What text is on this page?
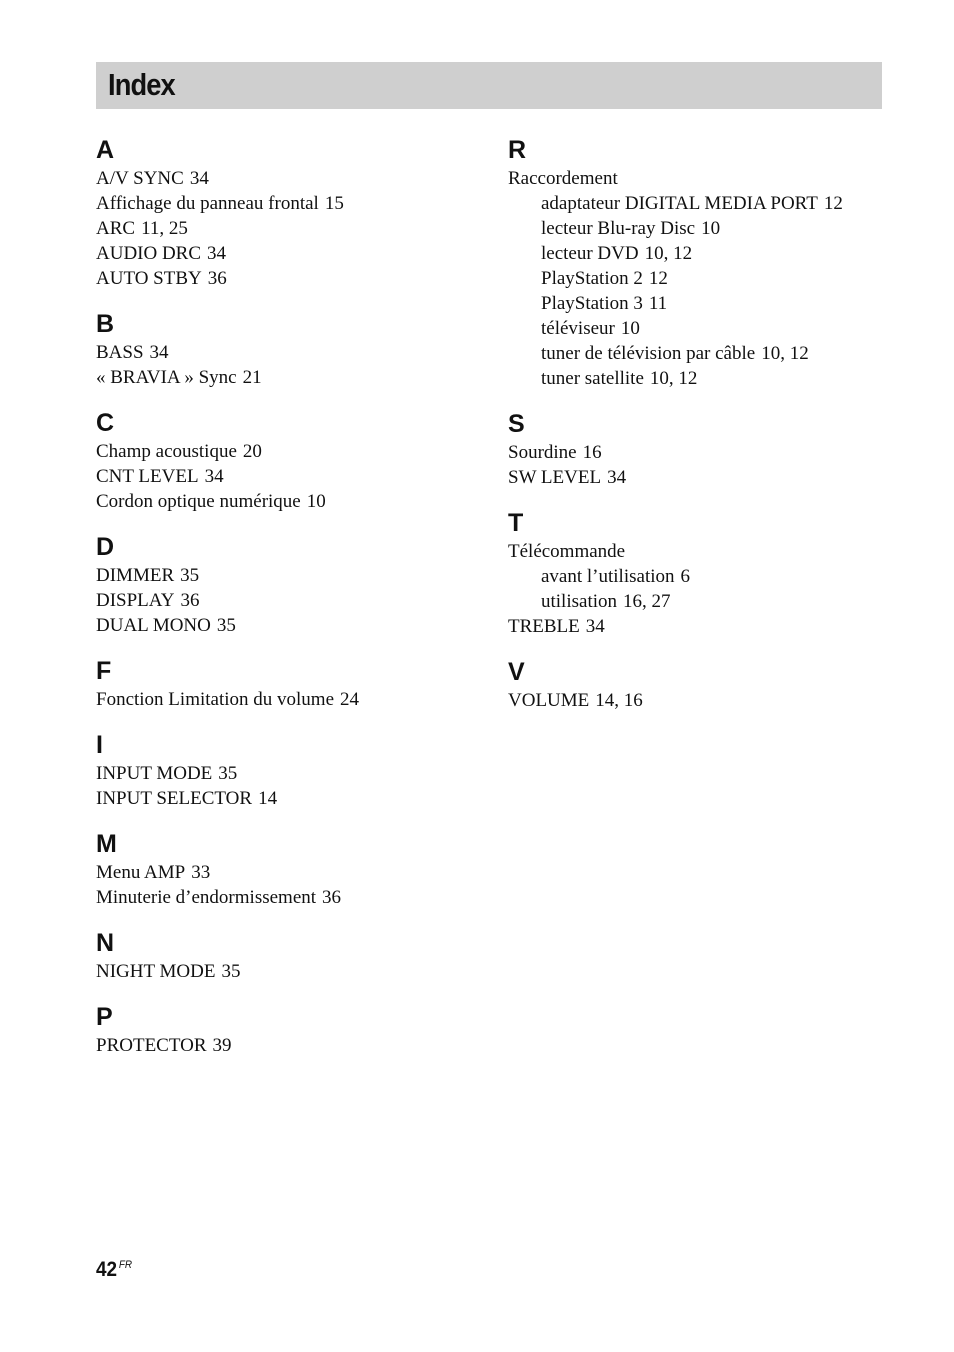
Index
A
A/V SYNC 34
Affichage du panneau frontal 15
ARC 11, 25
AUDIO DRC 34
AUTO STBY 36
B
BASS 34
« BRAVIA » Sync 21
C
Champ acoustique 20
CNT LEVEL 34
Cordon optique numérique 10
D
DIMMER 35
DISPLAY 36
DUAL MONO 35
F
Fonction Limitation du volume 24
I
INPUT MODE 35
INPUT SELECTOR 14
M
Menu AMP 33
Minuterie d’endormissement 36
N
NIGHT MODE 35
P
PROTECTOR 39
R
Raccordement
adaptateur DIGITAL MEDIA PORT 12
lecteur Blu-ray Disc 10
lecteur DVD 10, 12
PlayStation 2 12
PlayStation 3 11
téléviseur 10
tuner de télévision par câble 10, 12
tuner satellite 10, 12
S
Sourdine 16
SW LEVEL 34
T
Télécommande
avant l’utilisation 6
utilisation 16, 27
TREBLE 34
V
VOLUME 14, 16
42 $^{FR}$
